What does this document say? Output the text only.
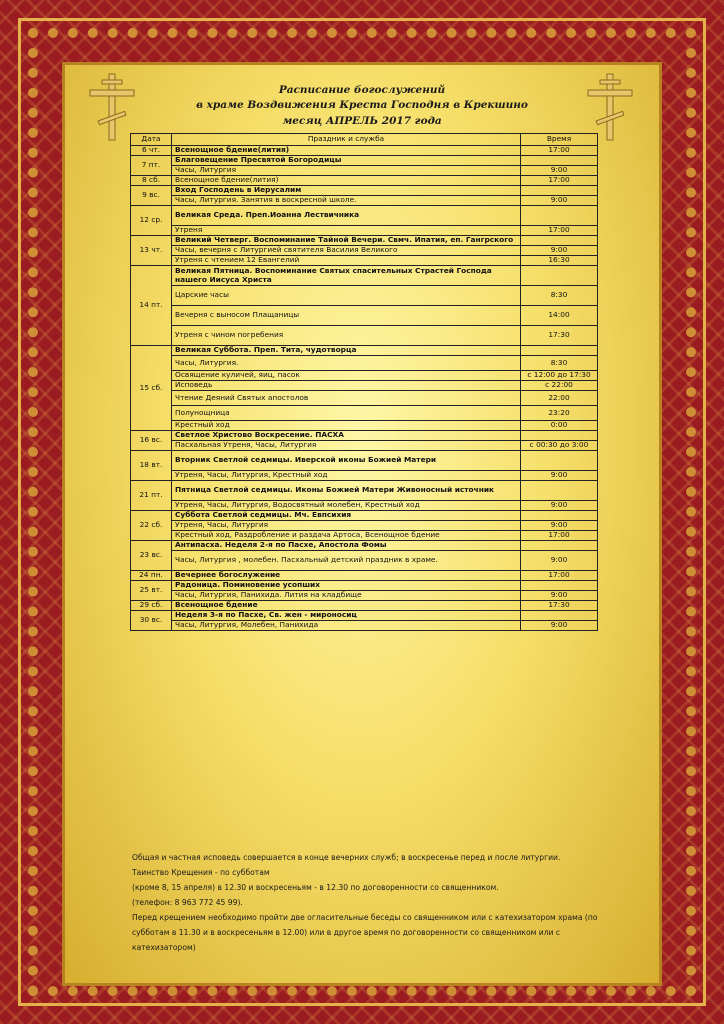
Расписание богослужений
в храме Воздвижения Креста Господня в Крекшино
месяц АПРЕЛЬ 2017 года
Дата	Праздник и служба	Время
6 чт.	Всенощное бдение(лития)	17:00
7 пт.	Благовещение Пресвятой Богородицы	
	Часы, Литургия	9:00
8 сб.	Всенощное бдение(лития)	17:00
9 вс.	Вход Господень в Иерусалим	
	Часы, Литургия. Занятия в воскресной школе.	9:00
12 ср.	Великая Среда. Преп.Иоанна Лествичника	
	Утреня	17:00
13 чт.	Великий Четверг. Воспоминание Тайной Вечери. Свмч. Ипатия, еп. Гангрского	
	Часы, вечерня с Литургией святителя Василия Великого	9:00
	Утреня с чтением 12 Евангелий	16:30
14 пт.	Великая Пятница. Воспоминание Святых спасительных Страстей Господа нашего Иисуса Христа	
	Царские часы	8:30
	Вечерня с выносом Плащаницы	14:00
	Утреня с чином погребения	17:30
15 сб.	Великая Суббота. Преп. Тита, чудотворца	
	Часы, Литургия.	8:30
	Освящение куличей, яиц, пасок	с 12:00 до 17:30
	Исповедь	с 22:00
	Чтение Деяний Святых апостолов	22:00
	Полунощница	23:20
	Крестный ход	0:00
16 вс.	Светлое Христово Воскресение. ПАСХА	
	Пасхальная Утреня, Часы, Литургия	с 00:30 до 3:00
18 вт.	Вторник Светлой седмицы. Иверской иконы Божией Матери	
	Утреня, Часы, Литургия, Крестный ход	9:00
21 пт.	Пятница Светлой седмицы. Иконы Божией Матери Живоносный источник	
	Утреня, Часы, Литургия, Водосвятный молебен, Крестный ход	9:00
22 сб.	Суббота Светлой седмицы. Мч. Евпсихия	
	Утреня, Часы, Литургия	9:00
	Крестный ход, Раздробление и раздача Артоса, Всенощное бдение	17:00
23 вс.	Антипасха. Неделя 2-я по Пасхе, Апостола Фомы	
	Часы, Литургия , молебен. Пасхальный детский праздник в храме.	9:00
24 пн.	Вечернее богослужение	17:00
25 вт.	Радоница. Поминовение усопших	
	Часы, Литургия, Панихида. Лития на кладбище	9:00
29 сб.	Всенощное бдение	17:30
30 вс.	Неделя 3-я по Пасхе, Св. жен - мироносиц	
	Часы, Литургия, Молебен, Панихида	9:00

Общая и частная исповедь совершается в конце вечерних служб; в воскресенье перед и после литургии.

Таинство Крещения - по субботам

(кроме 8, 15 апреля) в 12.30 и воскресеньям - в 12.30 по договоренности со священником.

(телефон: 8 963 772 45 99).

Перед крещением необходимо пройти две огласительные беседы со священником или с катехизатором храма (по субботам в 11.30 и в воскресеньям в 12.00) или в другое время по договоренности со священником или с катехизатором)
